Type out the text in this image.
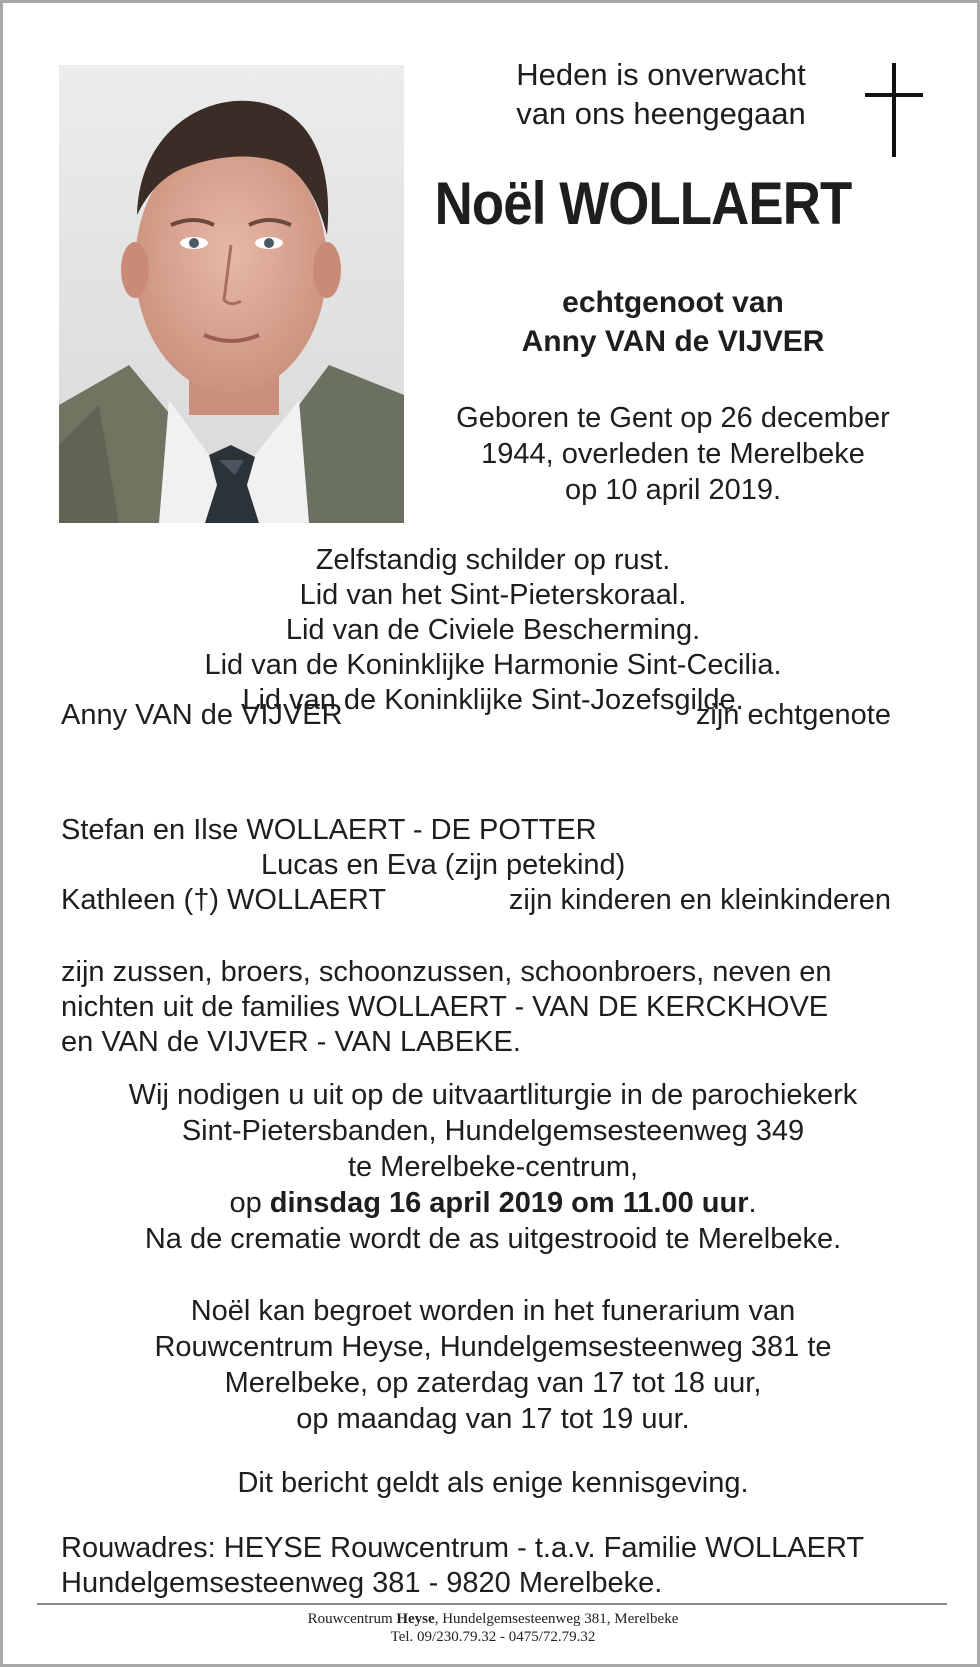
Heden is onverwacht
van ons heengegaan
Noël WOLLAERT
echtgenoot van
Anny VAN de VIJVER
Geboren te Gent op 26 december
1944, overleden te Merelbeke
op 10 april 2019.
Zelfstandig schilder op rust.
Lid van het Sint-Pieterskoraal.
Lid van de Civiele Bescherming.
Lid van de Koninklijke Harmonie Sint-Cecilia.
Lid van de Koninklijke Sint-Jozefsgilde.
Anny VAN de VIJVER	zijn echtgenote
Stefan en Ilse WOLLAERT - DE POTTER
Lucas en Eva (zijn petekind)
Kathleen (†) WOLLAERT	zijn kinderen en kleinkinderen
zijn zussen, broers, schoonzussen, schoonbroers, neven en
nichten uit de families WOLLAERT - VAN DE KERCKHOVE
en VAN de VIJVER - VAN LABEKE.
Wij nodigen u uit op de uitvaartliturgie in de parochiekerk
Sint-Pietersbanden, Hundelgemsesteenweg 349
te Merelbeke-centrum,
op dinsdag 16 april 2019 om 11.00 uur.
Na de crematie wordt de as uitgestrooid te Merelbeke.
Noël kan begroet worden in het funerarium van
Rouwcentrum Heyse, Hundelgemsesteenweg 381 te
Merelbeke, op zaterdag van 17 tot 18 uur,
op maandag van 17 tot 19 uur.
Dit bericht geldt als enige kennisgeving.
Rouwadres: HEYSE Rouwcentrum - t.a.v. Familie WOLLAERT
Hundelgemsesteenweg 381 - 9820 Merelbeke.
Rouwcentrum Heyse, Hundelgemsesteenweg 381, Merelbeke
Tel. 09/230.79.32 - 0475/72.79.32
